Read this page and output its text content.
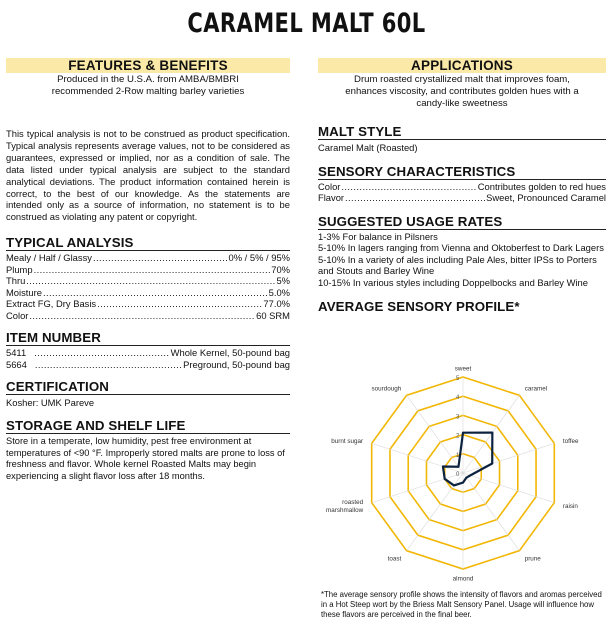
CARAMEL MALT 60L
FEATURES & BENEFITS
Produced in the U.S.A. from AMBA/BMBRI
recommended 2-Row malting barley varieties
This typical analysis is not to be construed as product specification. Typical analysis represents average values, not to be considered as guarantees, expressed or implied, nor as a condition of sale. The data listed under typical analysis are subject to the standard analytical deviations. The product information contained herein is correct, to the best of our knowledge. As the statements are intended only as a source of information, no statement is to be construed as violating any patent or copyright.
TYPICAL ANALYSIS
Mealy / Half / Glassy .....	0% / 5% / 95%
Plump .....	70%
Thru .....	5%
Moisture .....	5.0%
Extract FG, Dry Basis .....	77.0%
Color .....	60 SRM
ITEM NUMBER
5411 .....	Whole Kernel, 50-pound bag
5664 .....	Preground, 50-pound bag
CERTIFICATION
Kosher: UMK Pareve
STORAGE AND SHELF LIFE
Store in a temperate, low humidity, pest free environment at temperatures of <90 °F. Improperly stored malts are prone to loss of freshness and flavor. Whole kernel Roasted Malts may begin experiencing a slight flavor loss after 18 months.
APPLICATIONS
Drum roasted crystallized malt that improves foam,
enhances viscosity, and contributes golden hues with a
candy-like sweetness
MALT STYLE
Caramel Malt (Roasted)
SENSORY CHARACTERISTICS
Color .....	Contributes golden to red hues
Flavor .....	Sweet, Pronounced Caramel
SUGGESTED USAGE RATES
1-3% For balance in Pilsners
5-10% In lagers ranging from Vienna and Oktoberfest to Dark Lagers
5-10% In a variety of ales including Pale Ales, bitter IPSs to Porters and Stouts and Barley Wine
10-15% In various styles including Doppelbocks and Barley Wine
AVERAGE SENSORY PROFILE*
0
1
2
3
4
5
sweet
caramel
toffee
raisin
prune
almond
toast
roasted marshmallow
burnt sugar
sourdough
*The average sensory profile shows the intensity of flavors and aromas perceived in a Hot Steep wort by the Briess Malt Sensory Panel. Usage will influence how these flavors are perceived in the final beer.
